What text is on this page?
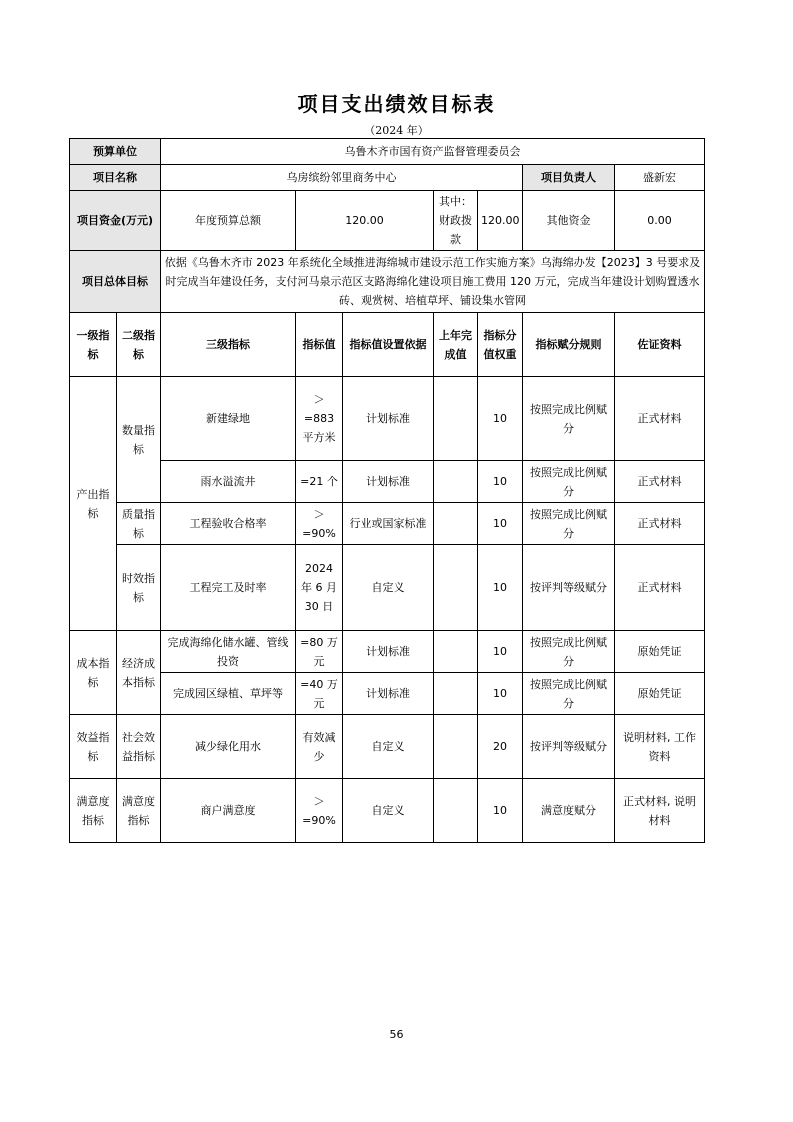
项目支出绩效目标表
（2024 年）
预算单位		乌鲁木齐市国有资产监督管理委员会						
项目名称		乌房缤纷邻里商务中心					项目负责人	盛新宏
项目资金(万元)		年度预算总额	120.00		其中：财政拨款	120.00	其他资金	0.00
项目总体目标		依据《乌鲁木齐市 2023 年系统化全域推进海绵城市建设示范工作实施方案》乌海绵办发【2023】3 号要求及时完成当年建设任务，支付河马泉示范区支路海绵化建设项目施工费用 120 万元，完成当年建设计划购置透水砖、观赏树、培植草坪、铺设集水管网						
一级指标	二级指标	三级指标	指标值	指标值设置依据	上年完成值	指标分值权重	指标赋分规则	佐证资料
产出指标	数量指标	新建绿地	＞=883 平方米	计划标准		10	按照完成比例赋分	正式材料
		雨水溢流井	=21 个	计划标准		10	按照完成比例赋分	正式材料
	质量指标	工程验收合格率	＞=90%	行业或国家标准		10	按照完成比例赋分	正式材料
	时效指标	工程完工及时率	2024 年 6 月 30 日	自定义		10	按评判等级赋分	正式材料
成本指标	经济成本指标	完成海绵化储水罐、管线投资	=80 万元	计划标准		10	按照完成比例赋分	原始凭证
		完成园区绿植、草坪等	=40 万元	计划标准		10	按照完成比例赋分	原始凭证
效益指标	社会效益指标	减少绿化用水	有效减少	自定义		20	按评判等级赋分	说明材料, 工作资料
满意度指标	满意度指标	商户满意度	＞=90%	自定义		10	满意度赋分	正式材料, 说明材料
56
